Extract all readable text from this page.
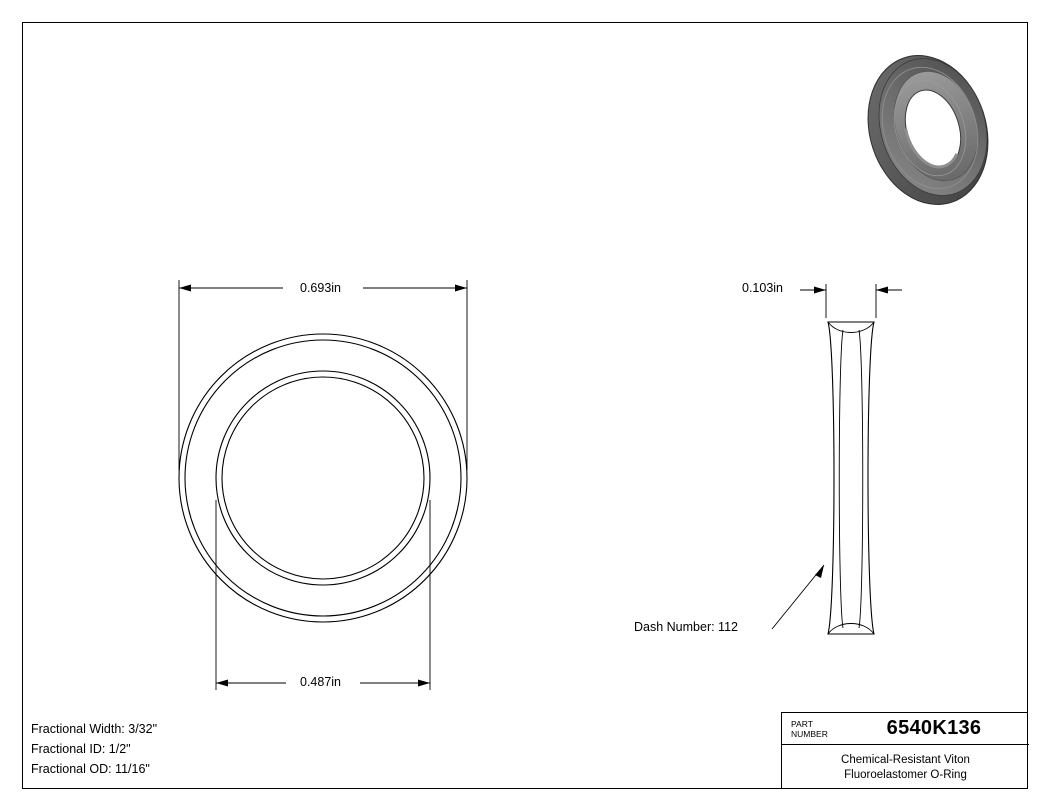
0.693in
0.487in
0.103in
Dash Number: 112
Fractional Width: 3/32"
Fractional ID: 1/2"
Fractional OD: 11/16"
PART
NUMBER	6540K136
Chemical-Resistant Viton
Fluoroelastomer O-Ring
